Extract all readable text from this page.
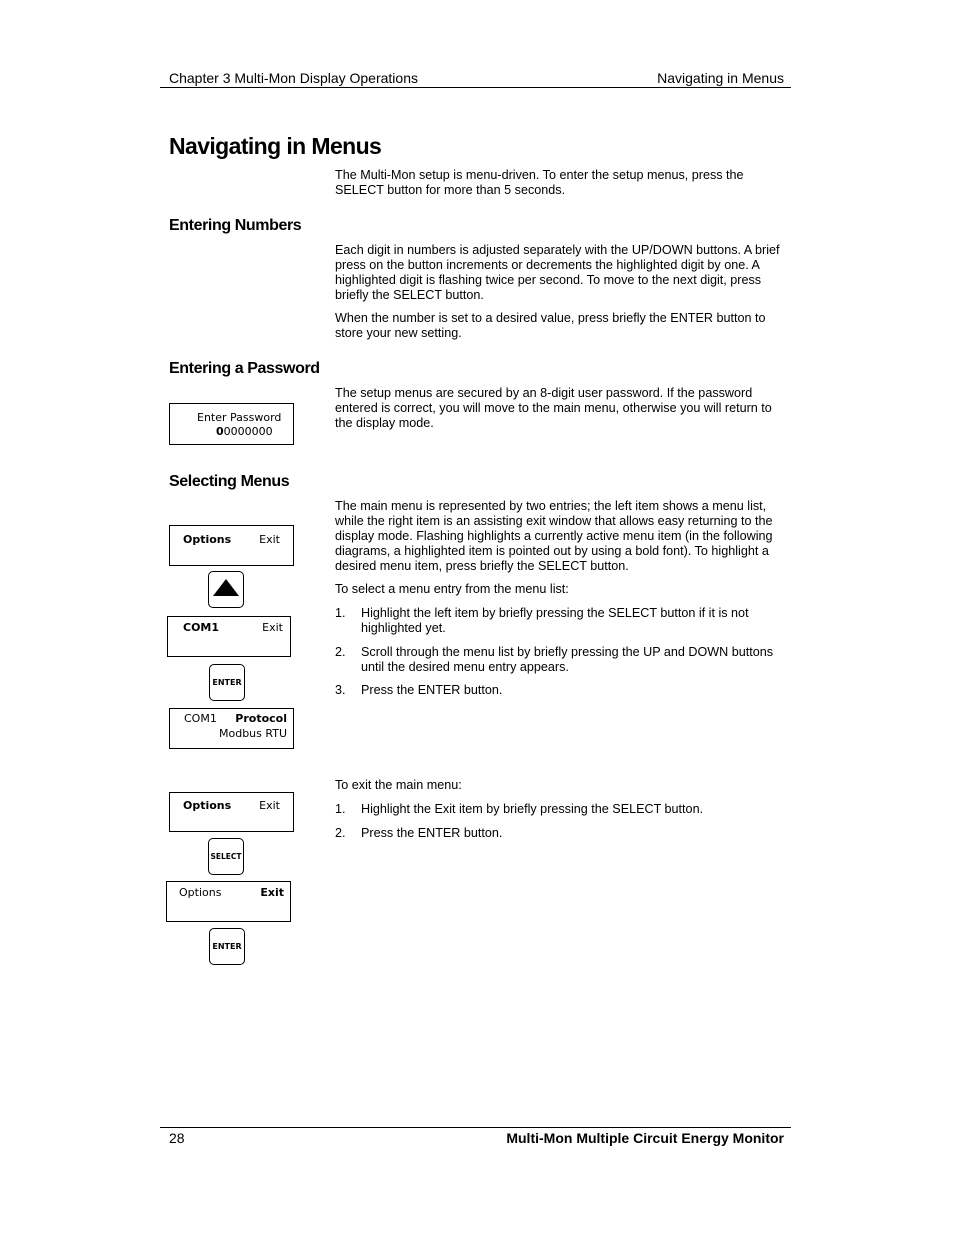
Chapter 3 Multi-Mon Display Operations	Navigating in Menus
Navigating in Menus

The Multi-Mon setup is menu-driven. To enter the setup menus, press the SELECT button for more than 5 seconds.

Entering Numbers

Each digit in numbers is adjusted separately with the UP/DOWN buttons. A brief press on the button increments or decrements the highlighted digit by one. A highlighted digit is flashing twice per second. To move to the next digit, press briefly the SELECT button.

When the number is set to a desired value, press briefly the ENTER button to store your new setting.

Entering a Password

The setup menus are secured by an 8-digit user password. If the password entered is correct, you will move to the main menu, otherwise you will return to the display mode.

Enter Password
00000000
Selecting Menus

The main menu is represented by two entries; the left item shows a menu list, while the right item is an assisting exit window that allows easy returning to the display mode. Flashing highlights a currently active menu item (in the following diagrams, a highlighted item is pointed out by using a bold font). To highlight a desired menu item, press briefly the SELECT button.

To select a menu entry from the menu list:

1. Highlight the left item by briefly pressing the SELECT button if it is not highlighted yet.
2. Scroll through the menu list by briefly pressing the UP and DOWN buttons until the desired menu entry appears.
3. Press the ENTER button.

To exit the main menu:

1. Highlight the Exit item by briefly pressing the SELECT button.
2. Press the ENTER button.
Options	Exit
COM1	Exit
ENTER
COM1 Protocol
Modbus RTU
Options	Exit
SELECT
Options	Exit
ENTER
28	Multi-Mon Multiple Circuit Energy Monitor
